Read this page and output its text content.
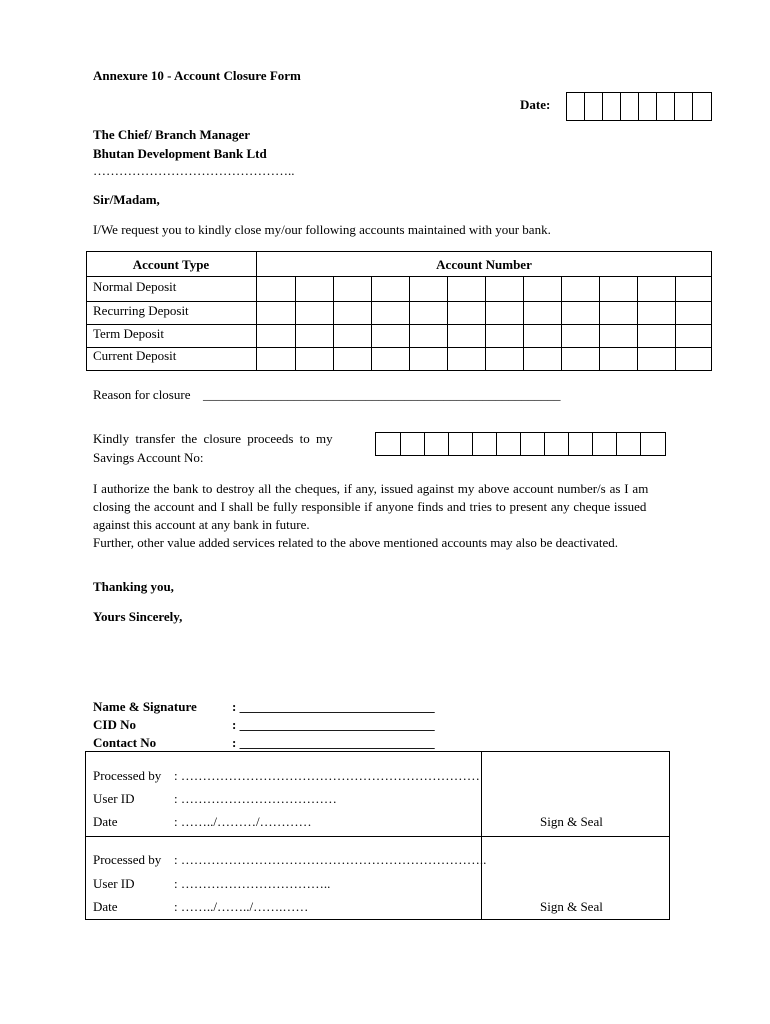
Annexure 10 - Account Closure Form
Date:
The Chief/ Branch Manager
Bhutan Development Bank Ltd
………………………………………..
Sir/Madam,
I/We request you to kindly close my/our following accounts maintained with your bank.
Account Type	Account Number
Normal Deposit
Recurring Deposit
Term Deposit
Current Deposit
Reason for closure _______________________________________________________
Kindly transfer the closure proceeds to my
Savings Account No:
I authorize the bank to destroy all the cheques, if any, issued against my above account number/s as I am
closing the account and I shall be fully responsible if anyone finds and tries to present any cheque issued
against this account at any bank in future.
Further, other value added services related to the above mentioned accounts may also be deactivated.
Thanking you,
Yours Sincerely,
Name & Signature	: ______________________________
CID No	: ______________________________
Contact No	: ______________________________
Processed by : ……………………………………………………………
User ID	: ………………………………
Date	: ……../………/…………	Sign & Seal
Processed by : ……………………………………………………………..
User ID	: ……………………………..
Date	: ……../……../…….……	Sign & Seal
